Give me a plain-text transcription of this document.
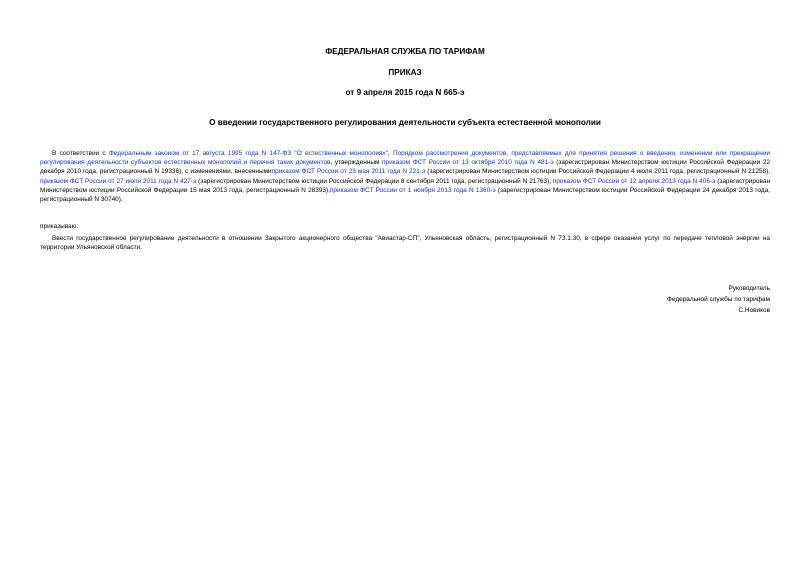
ФЕДЕРАЛЬНАЯ СЛУЖБА ПО ТАРИФАМ
ПРИКАЗ
от 9 апреля 2015 года N 665-э
О введении государственного регулирования деятельности субъекта естественной монополии

В соответствии с Федеральным законом от 17 августа 1995 года N 147-ФЗ "О естественных монополиях", Порядком рассмотрения документов, представляемых для принятия решения о введении, изменении или прекращении регулирования деятельности субъектов естественных монополий и перечня таких документов, утвержденным приказом ФСТ России от 13 октября 2010 года N 481-э (зарегистрирован Министерством юстиции Российской Федерации 22 декабря 2010 года, регистрационный N 19336), с изменениями, внесеннымиприказом ФСТ России от 23 мая 2011 года N 221-э (зарегистрирован Министерством юстиции Российской Федерации 4 июля 2011 года, регистрационный N 21258), приказом ФСТ России от 27 июля 2011 года N 427-э (зарегистрирован Министерством юстиции Российской Федерации 8 сентября 2011 года, регистрационный N 21763), приказом ФСТ России от 12 апреля 2013 года N 406-э (зарегистрирован Министерством юстиции Российской Федерации 15 мая 2013 года, регистрационный N 28393),приказом ФСТ России от 1 ноября 2013 года N 1360-э (зарегистрирован Министерством юстиции Российской Федерации 24 декабря 2013 года, регистрационный N 30740),

приказываю:

Ввести государственное регулирование деятельности в отношении Закрытого акционерного общества "Авиастар-СП", Ульяновская область, регистрационный N 73.1.30, в сфере оказания услуг по передаче тепловой энергии на территории Ульяновской области.

Руководитель
Федеральной службы по тарифам
С.Новиков
